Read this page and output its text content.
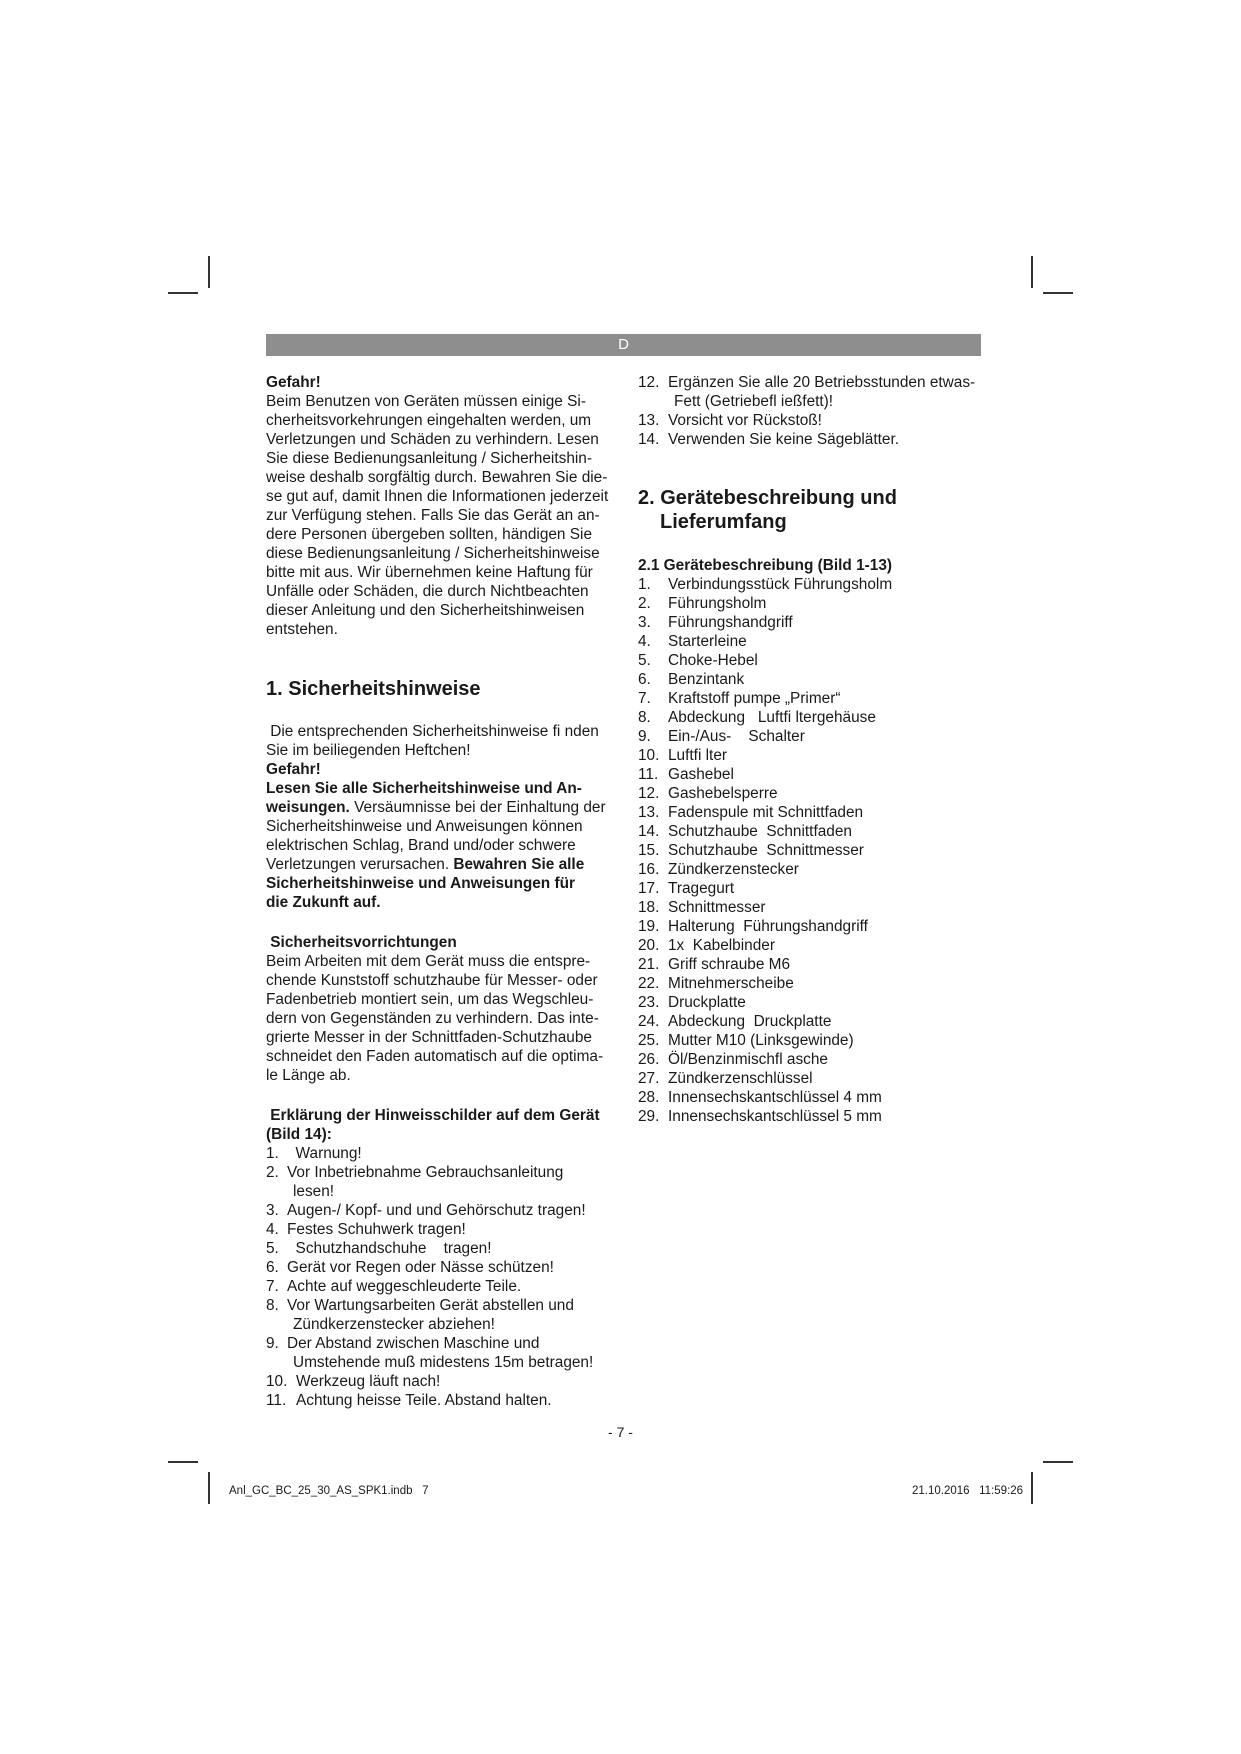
D
Gefahr!
Beim Benutzen von Geräten müssen einige Si-
cherheitsvorkehrungen eingehalten werden, um
Verletzungen und Schäden zu verhindern. Lesen
Sie diese Bedienungsanleitung / Sicherheitshin-
weise deshalb sorgfältig durch. Bewahren Sie die-
se gut auf, damit Ihnen die Informationen jederzeit
zur Verfügung stehen. Falls Sie das Gerät an an-
dere Personen übergeben sollten, händigen Sie
diese Bedienungsanleitung / Sicherheitshinweise
bitte mit aus. Wir übernehmen keine Haftung für
Unfälle oder Schäden, die durch Nichtbeachten
dieser Anleitung und den Sicherheitshinweisen
entstehen.
1. Sicherheitshinweise
Die entsprechenden Sicherheitshinweise fi nden
Sie im beiliegenden Heftchen!
Gefahr!
Lesen Sie alle Sicherheitshinweise und An-
weisungen. Versäumnisse bei der Einhaltung der
Sicherheitshinweise und Anweisungen können
elektrischen Schlag, Brand und/oder schwere
Verletzungen verursachen. Bewahren Sie alle
Sicherheitshinweise und Anweisungen für
die Zukunft auf.
Sicherheitsvorrichtungen
Beim Arbeiten mit dem Gerät muss die entspre-
chende Kunststoff schutzhaube für Messer- oder
Fadenbetrieb montiert sein, um das Wegschleu-
dern von Gegenständen zu verhindern. Das inte-
grierte Messer in der Schnittfaden-Schutzhaube
schneidet den Faden automatisch auf die optima-
le Länge ab.
Erklärung der Hinweisschilder auf dem Gerät
(Bild 14):
1. Warnung!
2. Vor Inbetriebnahme Gebrauchsanleitung
lesen!
3. Augen-/ Kopf- und und Gehörschutz tragen!
4. Festes Schuhwerk tragen!
5. Schutzhandschuhe    tragen!
6. Gerät vor Regen oder Nässe schützen!
7. Achte auf weggeschleuderte Teile.
8. Vor Wartungsarbeiten Gerät abstellen und
Zündkerzenstecker abziehen!
9. Der Abstand zwischen Maschine und
Umstehende muß midestens 15m betragen!
10. Werkzeug läuft nach!
11. Achtung heisse Teile. Abstand halten.
12. Ergänzen Sie alle 20 Betriebsstunden etwas-
Fett (Getriebefl ießfett)!
13. Vorsicht vor Rückstoß!
14. Verwenden Sie keine Sägeblätter.
2. Gerätebeschreibung und
Lieferumfang
2.1 Gerätebeschreibung (Bild 1-13)
1. Verbindungsstück Führungsholm
2. Führungsholm
3. Führungshandgriff
4. Starterleine
5. Choke-Hebel
6. Benzintank
7. Kraftstoff pumpe „Primer“
8. Abdeckung   Luftfi ltergehäuse
9. Ein-/Aus-    Schalter
10. Luftfi lter
11. Gashebel
12. Gashebelsperre
13. Fadenspule mit Schnittfaden
14. Schutzhaube  Schnittfaden
15. Schutzhaube  Schnittmesser
16. Zündkerzenstecker
17. Tragegurt
18. Schnittmesser
19. Halterung  Führungshandgriff
20. 1x  Kabelbinder
21. Griff schraube M6
22. Mitnehmerscheibe
23. Druckplatte
24. Abdeckung  Druckplatte
25. Mutter M10 (Linksgewinde)
26. Öl/Benzinmischfl asche
27. Zündkerzenschlüssel
28. Innensechskantschlüssel 4 mm
29. Innensechskantschlüssel 5 mm
- 7 -
Anl_GC_BC_25_30_AS_SPK1.indb   7	21.10.2016   11:59:26
